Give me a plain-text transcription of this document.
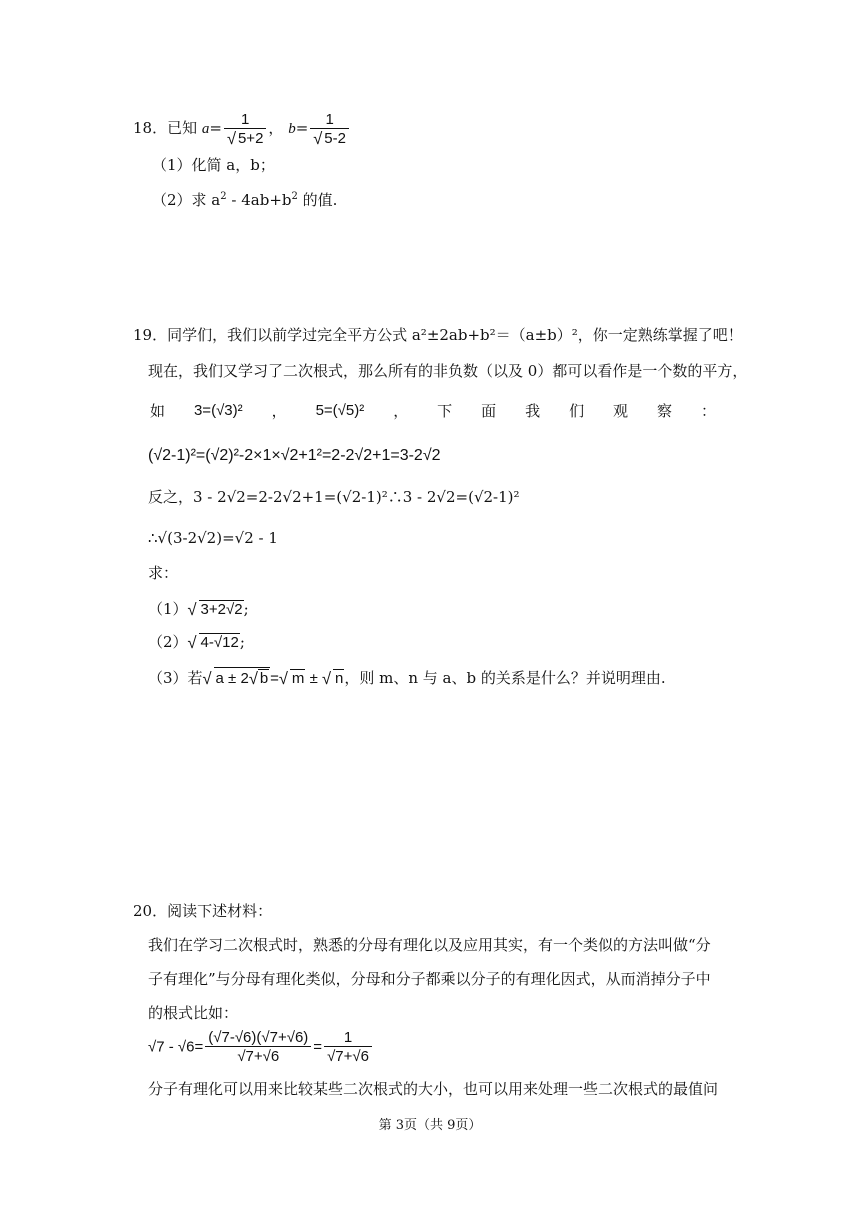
18．已知 $a= \frac{1}{√ 5+2}$ ， $b= \frac{1}{√ 5-2}$
（1）化简 a，b；
（2）求 $a^2 - 4ab+b^2$ 的值.
19．同学们，我们以前学过完全平方公式 a²±2ab+b²＝（a±b）²，你一定熟练掌握了吧！
现在，我们又学习了二次根式，那么所有的非负数（以及 0）都可以看作是一个数的平方，
如 3=(√3)² ， 5=(√5)² ， 下 面 我 们 观 察 ：
(√2-1)²=(√2)²-2×1×√2+1²=2-2√2+1=3-2√2
反之，3 - 2√2=2-2√2+1=(√2-1)²∴3 - 2√2=(√2-1)²
∴√(3-2√2)=√2 - 1
求：
（1） √ 3+2√2;
（2） √ 4-√12;
（3）若 √ a ± 2 √ b = √ m ± √ n，则 m、n 与 a、b 的关系是什么？并说明理由.
20．阅读下述材料：
我们在学习二次根式时，熟悉的分母有理化以及应用其实，有一个类似的方法叫做“分
子有理化”与分母有理化类似，分母和分子都乘以分子的有理化因式，从而消掉分子中
的根式比如：
$√7 - √6= \frac{(√7-√6)(√7+√6)}{√7+√6} = \frac{1}{√7+√6}$
分子有理化可以用来比较某些二次根式的大小，也可以用来处理一些二次根式的最值问
第 3页（共 9页）
